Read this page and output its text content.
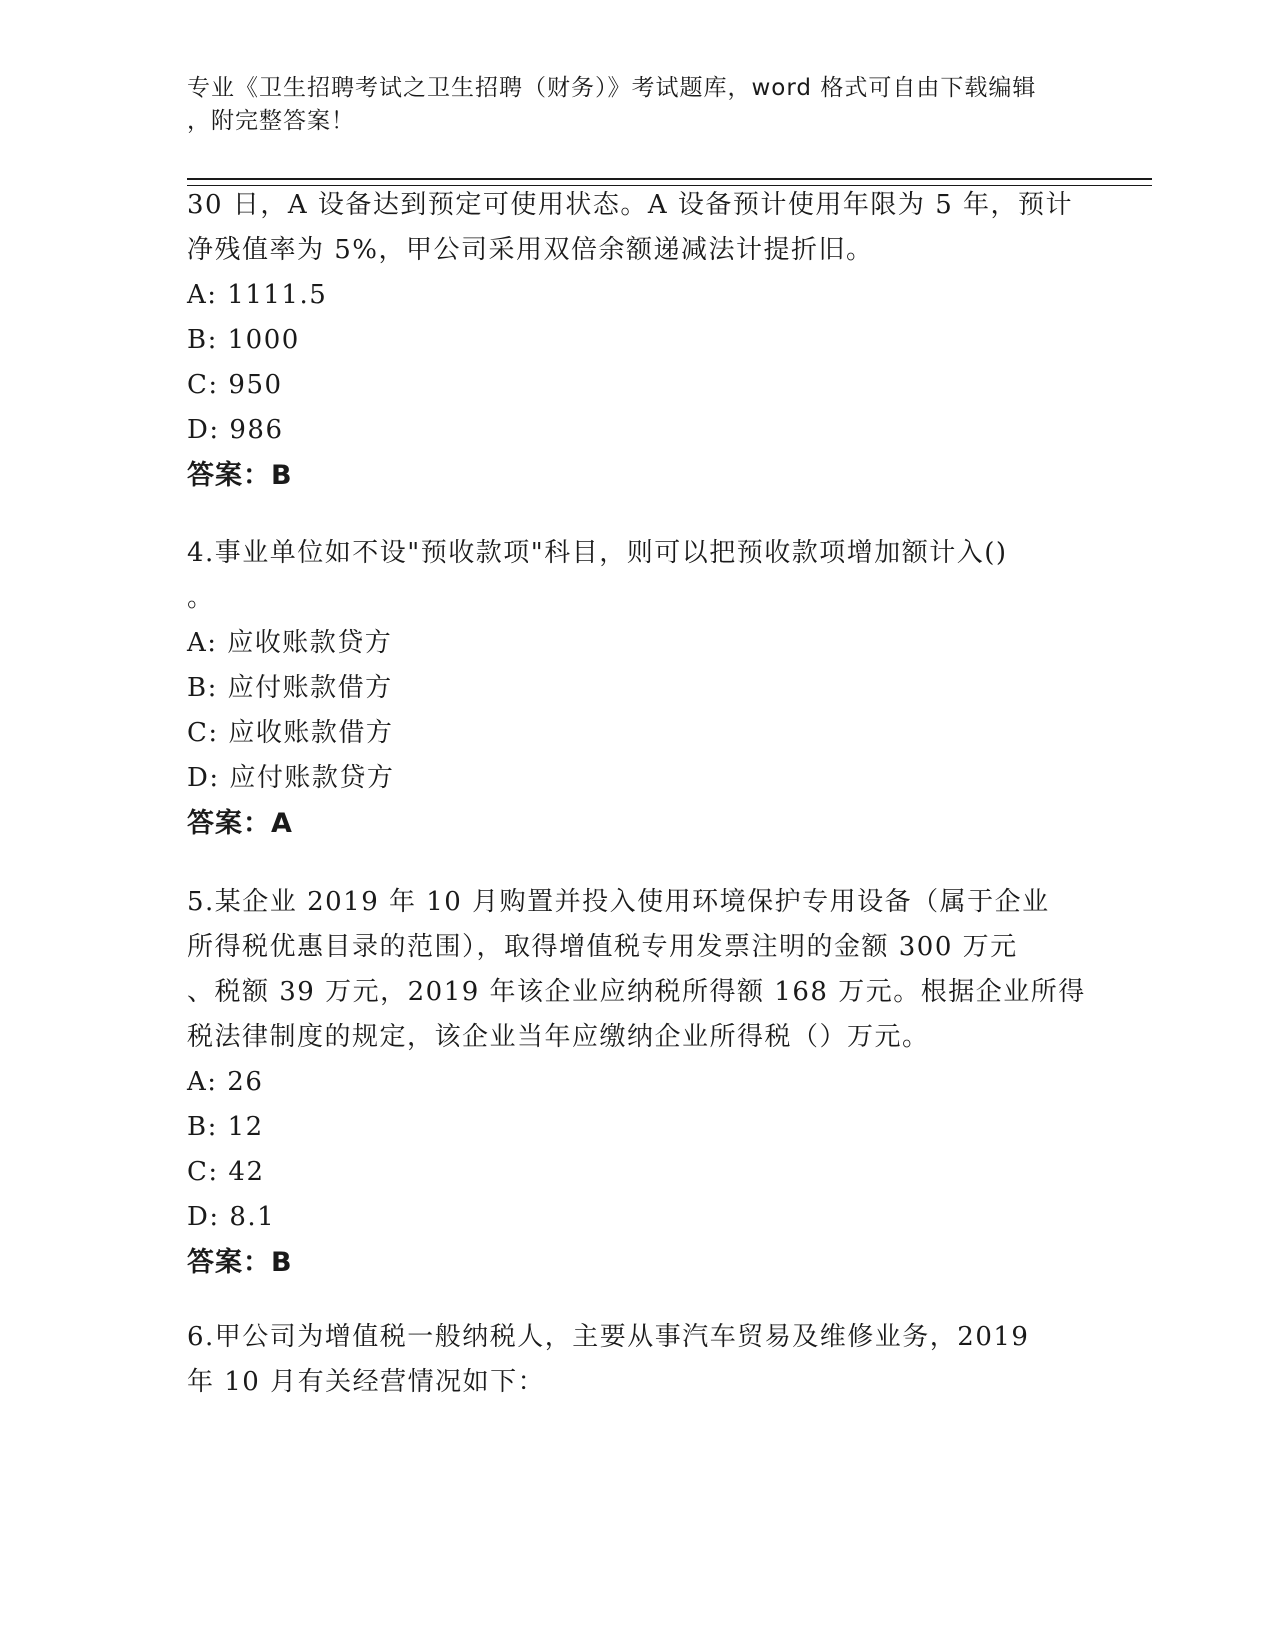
专业《卫生招聘考试之卫生招聘（财务）》考试题库，word 格式可自由下载编辑
，附完整答案！
30 日，A 设备达到预定可使用状态。A 设备预计使用年限为 5 年，预计
净残值率为 5%，甲公司采用双倍余额递减法计提折旧。
A: 1111.5
B: 1000
C: 950
D: 986
答案：B
4.事业单位如不设"预收款项"科目，则可以把预收款项增加额计入()
。
A: 应收账款贷方
B: 应付账款借方
C: 应收账款借方
D: 应付账款贷方
答案：A
5.某企业 2019 年 10 月购置并投入使用环境保护专用设备（属于企业
所得税优惠目录的范围），取得增值税专用发票注明的金额 300 万元
、税额 39 万元，2019 年该企业应纳税所得额 168 万元。根据企业所得
税法律制度的规定，该企业当年应缴纳企业所得税（）万元。
A: 26
B: 12
C: 42
D: 8.1
答案：B
6.甲公司为增值税一般纳税人，主要从事汽车贸易及维修业务，2019
年 10 月有关经营情况如下：
